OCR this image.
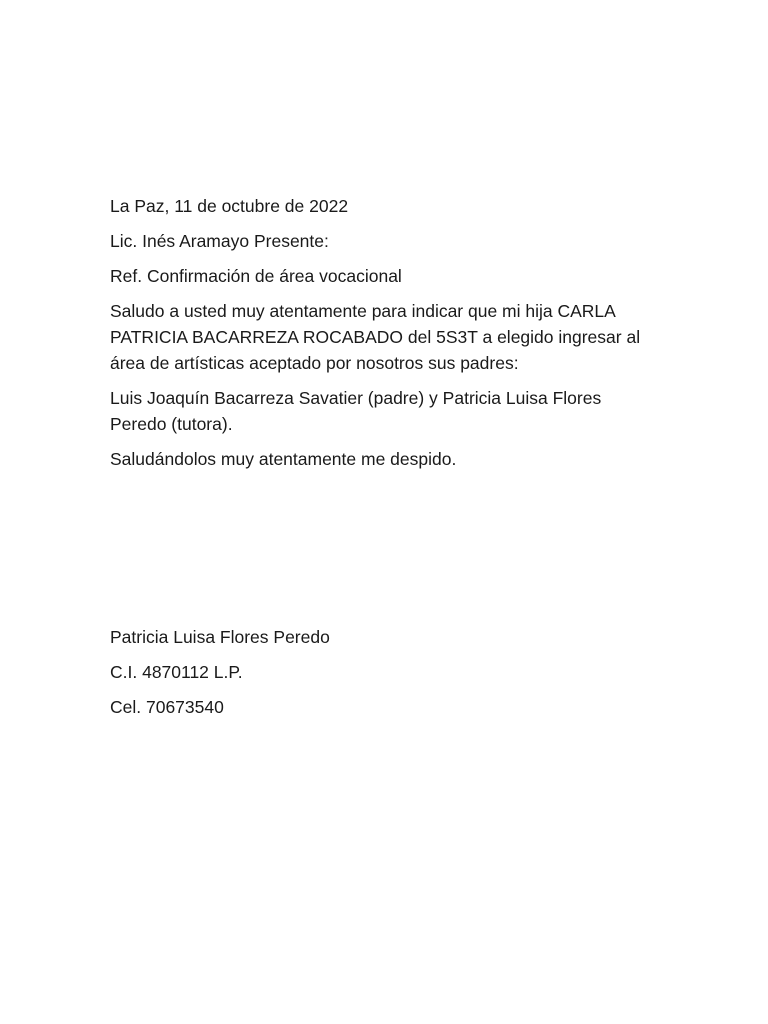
La Paz, 11 de octubre de 2022

Lic. Inés Aramayo Presente:

Ref. Confirmación de área vocacional

Saludo a usted muy atentamente para indicar que mi hija CARLA
PATRICIA BACARREZA ROCABADO del 5S3T a elegido ingresar al
área de artísticas aceptado por nosotros sus padres:

Luis Joaquín Bacarreza Savatier (padre) y Patricia Luisa Flores
Peredo (tutora).

Saludándolos muy atentamente me despido.

Patricia Luisa Flores Peredo

C.I. 4870112 L.P.

Cel. 70673540
